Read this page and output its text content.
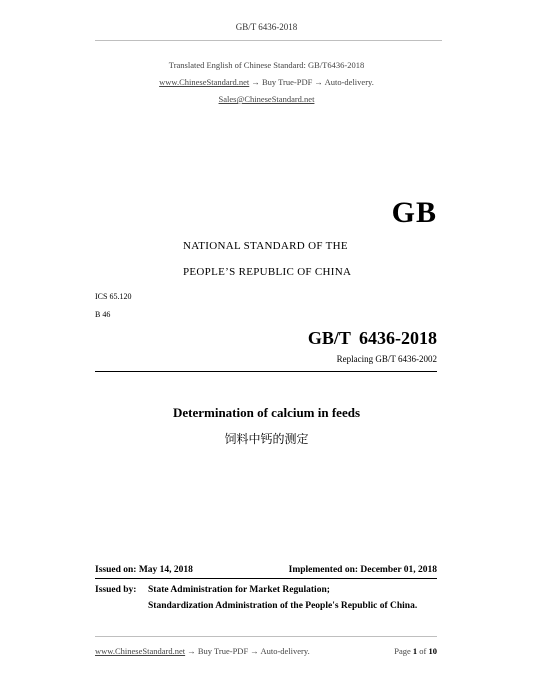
GB/T 6436-2018
Translated English of Chinese Standard: GB/T6436-2018
www.ChineseStandard.net → Buy True-PDF → Auto-delivery.
Sales@ChineseStandard.net
GB
NATIONAL STANDARD OF THE
PEOPLE’S REPUBLIC OF CHINA
ICS 65.120
B 46
GB/T 6436-2018
Replacing GB/T 6436-2002
Determination of calcium in feeds
饲料中钙的测定
Issued on: May 14, 2018	Implemented on: December 01, 2018
Issued by: State Administration for Market Regulation;
Standardization Administration of the People's Republic of China.
www.ChineseStandard.net → Buy True-PDF → Auto-delivery.	Page 1 of 10
